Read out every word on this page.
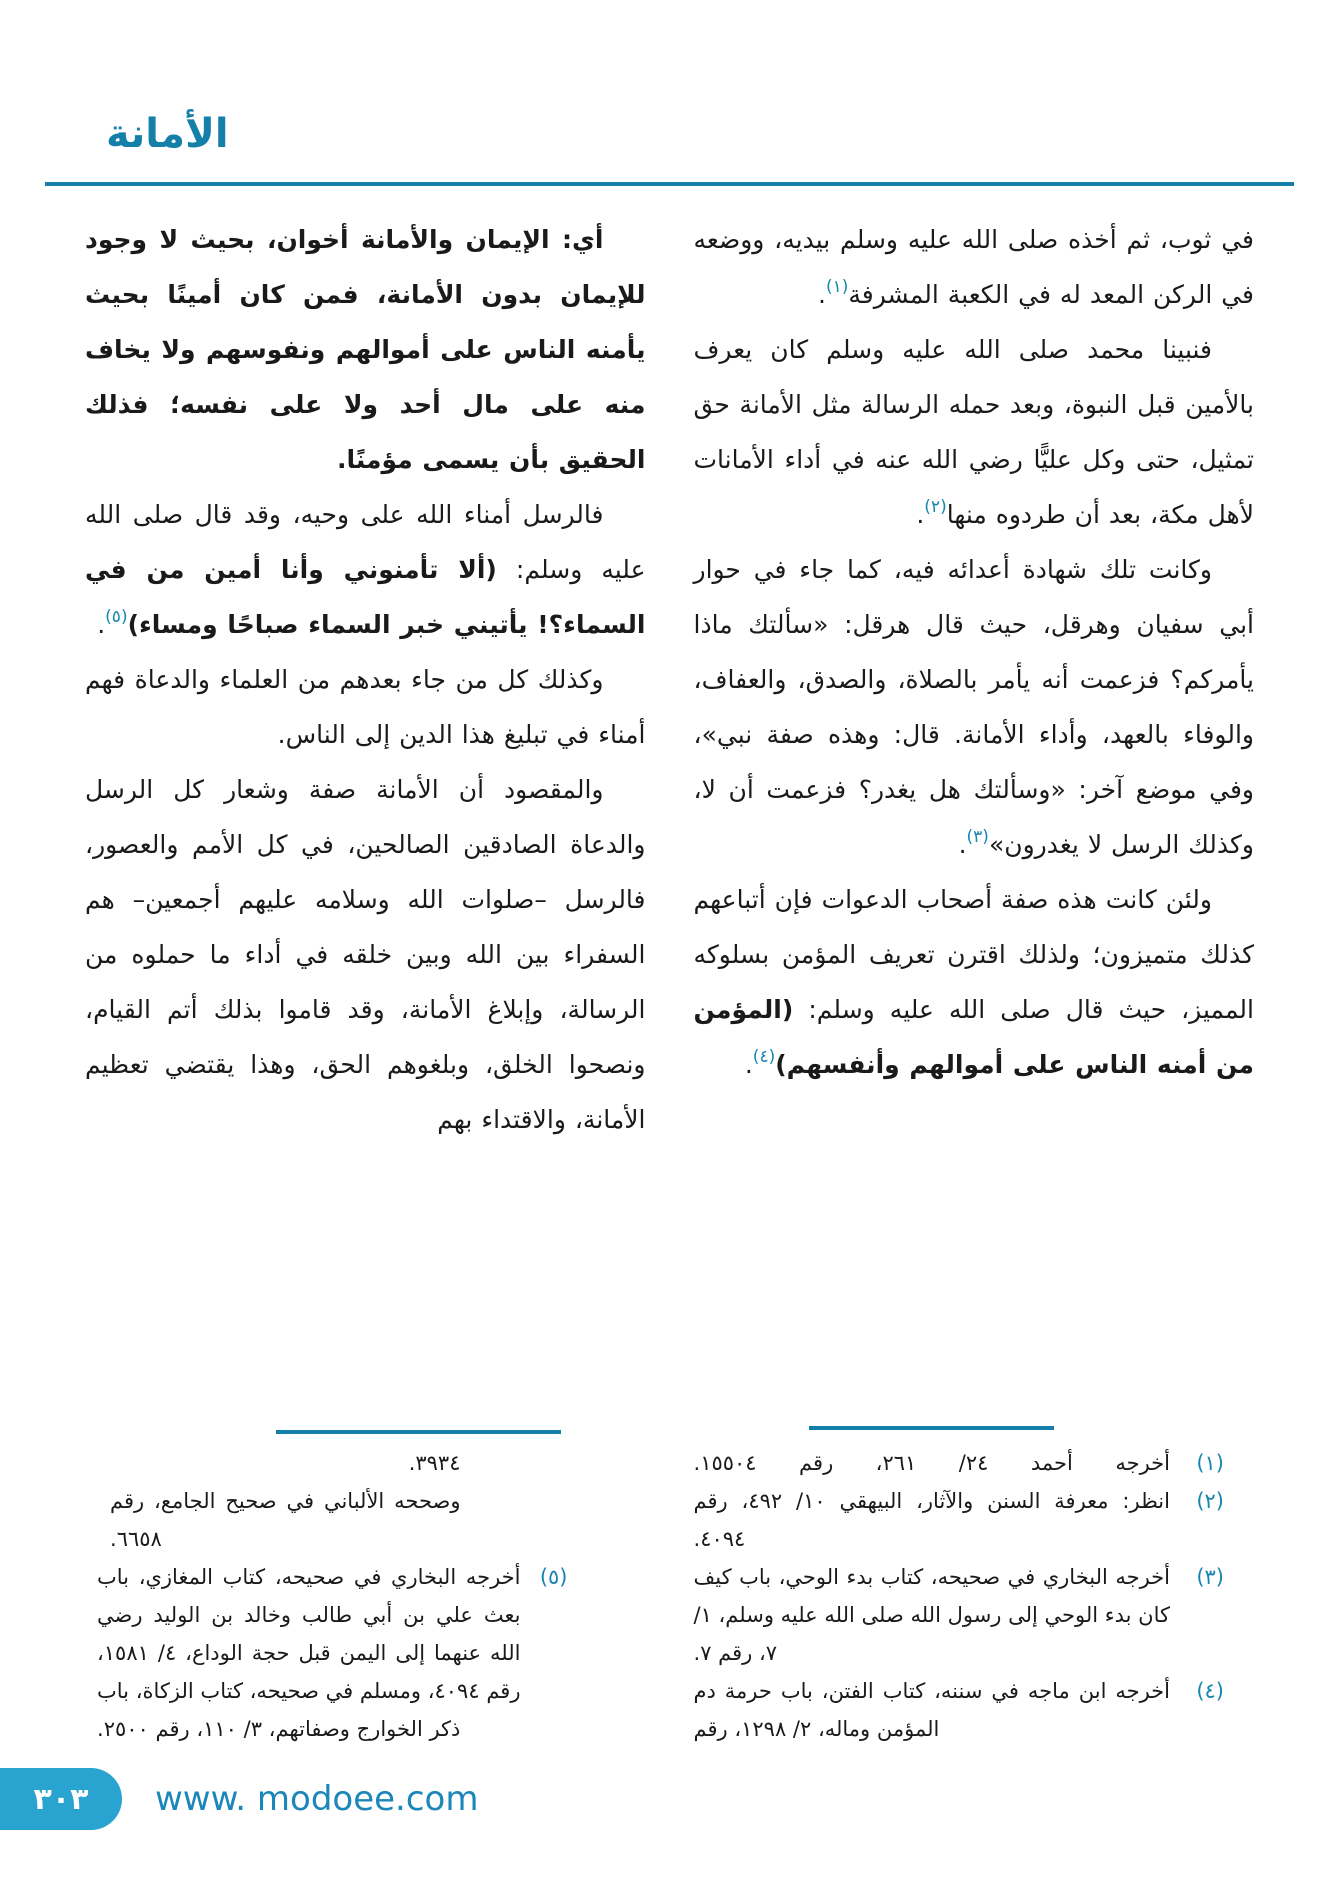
الأمانة

في ثوب، ثم أخذه صلى الله عليه وسلم بيديه، ووضعه في الركن المعد له في الكعبة المشرفة$^{(١)}$.

فنبينا محمد صلى الله عليه وسلم كان يعرف بالأمين قبل النبوة، وبعد حمله الرسالة مثل الأمانة حق تمثيل، حتى وكل عليًّا رضي الله عنه في أداء الأمانات لأهل مكة، بعد أن طردوه منها$^{(٢)}$.

وكانت تلك شهادة أعدائه فيه، كما جاء في حوار أبي سفيان وهرقل، حيث قال هرقل: «سألتك ماذا يأمركم؟ فزعمت أنه يأمر بالصلاة، والصدق، والعفاف، والوفاء بالعهد، وأداء الأمانة. قال: وهذه صفة نبي»، وفي موضع آخر: «وسألتك هل يغدر؟ فزعمت أن لا، وكذلك الرسل لا يغدرون»$^{(٣)}$.

ولئن كانت هذه صفة أصحاب الدعوات فإن أتباعهم كذلك متميزون؛ ولذلك اقترن تعريف المؤمن بسلوكه المميز، حيث قال صلى الله عليه وسلم: (المؤمن من أمنه الناس على أموالهم وأنفسهم)$^{(٤)}$.

(١)
أخرجه أحمد ٢٤/ ٢٦١، رقم ١٥٥٠٤.
(٢)
انظر: معرفة السنن والآثار، البيهقي ١٠/ ٤٩٢، رقم ٤٠٩٤.
(٣)
أخرجه البخاري في صحيحه، كتاب بدء الوحي، باب كيف كان بدء الوحي إلى رسول الله صلى الله عليه وسلم، ١/ ٧، رقم ٧.
(٤)
أخرجه ابن ماجه في سننه، كتاب الفتن، باب حرمة دم المؤمن وماله، ٢/ ١٢٩٨، رقم

أي: الإيمان والأمانة أخوان، بحيث لا وجود للإيمان بدون الأمانة، فمن كان أمينًا بحيث يأمنه الناس على أموالهم ونفوسهم ولا يخاف منه على مال أحد ولا على نفسه؛ فذلك الحقيق بأن يسمى مؤمنًا.

فالرسل أمناء الله على وحيه، وقد قال صلى الله عليه وسلم: (ألا تأمنوني وأنا أمين من في السماء؟! يأتيني خبر السماء صباحًا ومساء)$^{(٥)}$.

وكذلك كل من جاء بعدهم من العلماء والدعاة فهم أمناء في تبليغ هذا الدين إلى الناس.

والمقصود أن الأمانة صفة وشعار كل الرسل والدعاة الصادقين الصالحين، في كل الأمم والعصور، فالرسل –صلوات الله وسلامه عليهم أجمعين– هم السفراء بين الله وبين خلقه في أداء ما حملوه من الرسالة، وإبلاغ الأمانة، وقد قاموا بذلك أتم القيام، ونصحوا الخلق، وبلغوهم الحق، وهذا يقتضي تعظيم الأمانة، والاقتداء بهم

٣٩٣٤.
وصححه الألباني في صحيح الجامع، رقم
٦٦٥٨.
(٥)
أخرجه البخاري في صحيحه، كتاب المغازي، باب بعث علي بن أبي طالب وخالد بن الوليد رضي الله عنهما إلى اليمن قبل حجة الوداع، ٤/ ١٥٨١، رقم ٤٠٩٤، ومسلم في صحيحه، كتاب الزكاة، باب ذكر الخوارج وصفاتهم، ٣/ ١١٠، رقم ٢٥٠٠.
٣٠٣ www. modoee.com
